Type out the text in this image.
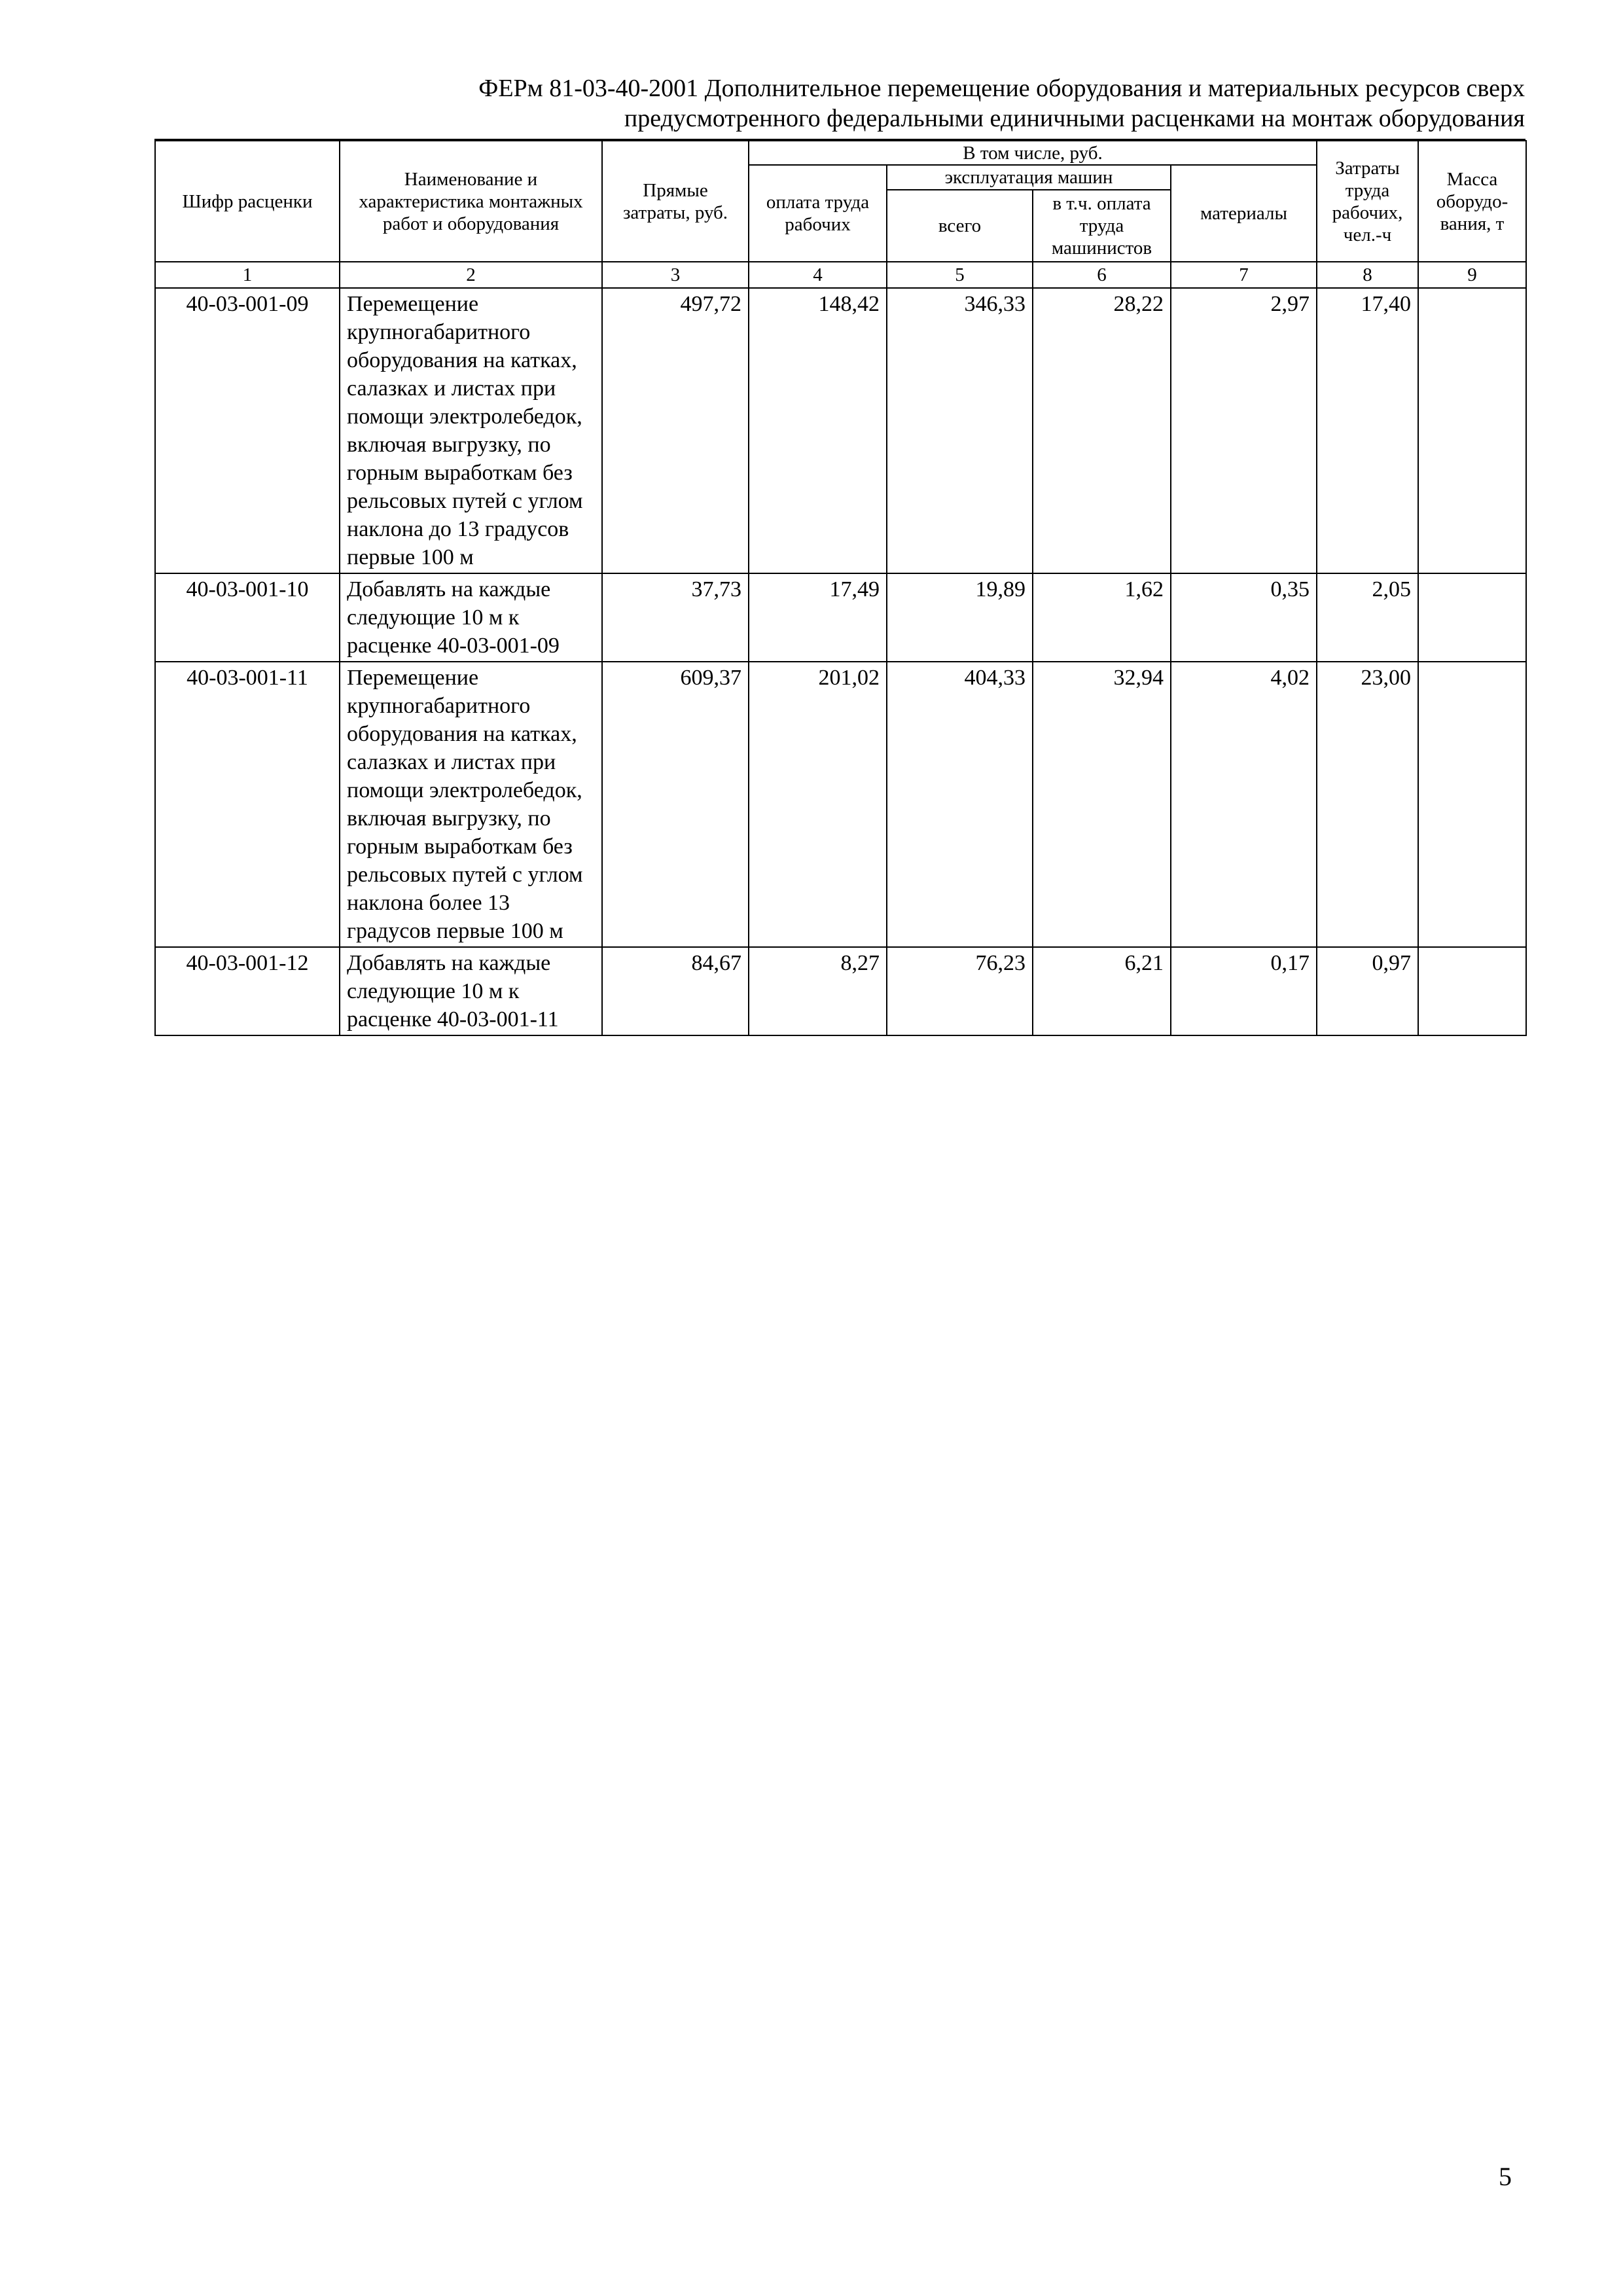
ФЕРм 81-03-40-2001 Дополнительное перемещение оборудования и материальных ресурсов сверх
предусмотренного федеральными единичными расценками на монтаж оборудования
Шифр расценки	Наименование и характеристика монтажных работ и оборудования	Прямые затраты, руб.	В том числе, руб.				Затраты труда рабочих, чел.-ч	Масса оборудо-вания, т
			оплата труда рабочих	эксплуатация машин		материалы		
				всего	в т.ч. оплата труда машинистов			
1	2	3	4	5	6	7	8	9
40-03-001-09	Перемещение крупногабаритного оборудования на катках, салазках и листах при помощи электролебедок, включая выгрузку, по горным выработкам без рельсовых путей с углом наклона до 13 градусов первые 100 м	497,72	148,42	346,33	28,22	2,97	17,40	
40-03-001-10	Добавлять на каждые следующие 10 м к расценке 40-03-001-09	37,73	17,49	19,89	1,62	0,35	2,05	
40-03-001-11	Перемещение крупногабаритного оборудования на катках, салазках и листах при помощи электролебедок, включая выгрузку, по горным выработкам без рельсовых путей с углом наклона более 13 градусов первые 100 м	609,37	201,02	404,33	32,94	4,02	23,00	
40-03-001-12	Добавлять на каждые следующие 10 м к расценке 40-03-001-11	84,67	8,27	76,23	6,21	0,17	0,97	
5
